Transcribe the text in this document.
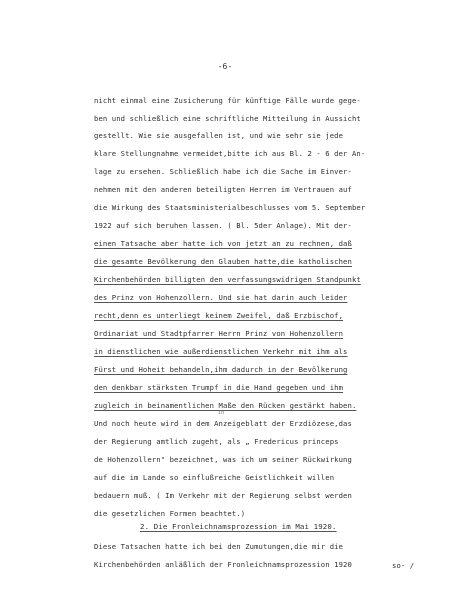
-6-
nicht einmal eine Zusicherung für künftige Fälle wurde gege-
ben und schließlich eine schriftliche Mitteilung in Aussicht
gestellt. Wie sie ausgefallen ist, und wie sehr sie jede
klare Stellungnahme vermeidet,bitte ich aus Bl. 2 - 6 der An-
lage zu ersehen. Schließlich habe ich die Sache im Einver-
nehmen mit den anderen beteiligten Herren im Vertrauen auf
die Wirkung des Staatsministerialbeschlusses vom 5. September
1922 auf sich beruhen lassen. ( Bl. 5der Anlage). Mit der-
einen Tatsache aber hatte ich von jetzt an zu rechnen, daß
die gesamte Bevölkerung den Glauben hatte,die katholischen
Kirchenbehörden billigten den verfassungswidrigen Standpunkt
des Prinz von Hohenzollern. Und sie hat darin auch leider
recht,denn es unterliegt keinem Zweifel, daß Erzbischof,
Ordinariat und Stadtpfarrer Herrn Prinz von Hohenzollern
in dienstlichen wie außerdienstlichen Verkehr mit ihm als
Fürst und Hoheit behandeln,ihm dadurch in der Bevölkerung
den denkbar stärksten Trumpf in die Hand gegeben und ihm
zugleich in beinamentlichen Maße den Rücken gestärkt haben.
ih
Und noch heute wird in dem Anzeigeblatt der Erzdiözese,das
der Regierung amtlich zugeht, als „ Fredericus princeps
de Hohenzollern" bezeichnet, was ich um seiner Rückwirkung
auf die im Lande so einflußreiche Geistlichkeit willen
bedauern muß. ( Im Verkehr mit der Regierung selbst werden
die gesetzlichen Formen beachtet.)
2. Die Fronleichnamsprozession im Mai 1920.
Diese Tatsachen hatte ich bei den Zumutungen,die mir die
Kirchenbehörden anläßlich der Fronleichnamsprozession 1920	so- /
